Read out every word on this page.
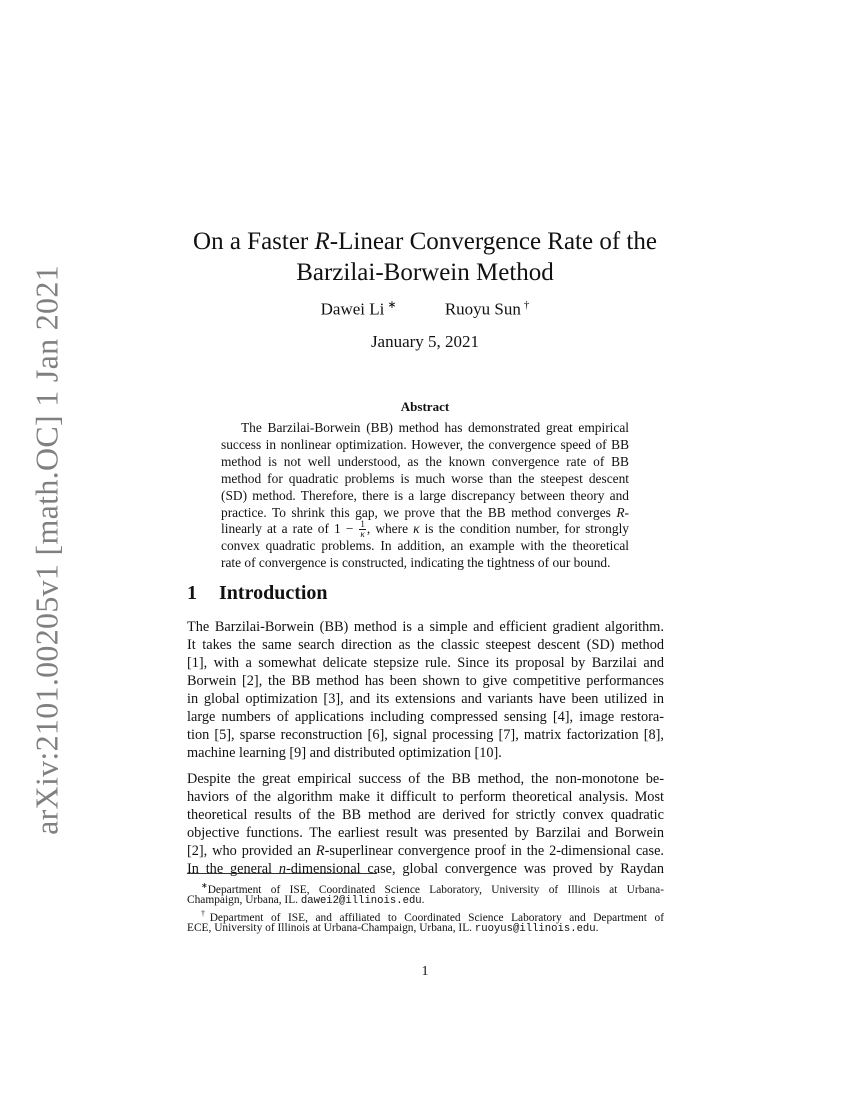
arXiv:2101.00205v1 [math.OC] 1 Jan 2021
On a Faster R-Linear Convergence Rate of the
Barzilai-Borwein Method
Dawei Li ∗	Ruoyu Sun †
January 5, 2021
Abstract
The Barzilai-Borwein (BB) method has demonstrated great empirical
success in nonlinear optimization. However, the convergence speed of BB
method is not well understood, as the known convergence rate of BB
method for quadratic problems is much worse than the steepest descent
(SD) method. Therefore, there is a large discrepancy between theory and
practice. To shrink this gap, we prove that the BB method converges R-
linearly at a rate of $1 - \frac{1}{\kappa}$ , where κ is the condition number, for strongly
convex quadratic problems. In addition, an example with the theoretical
rate of convergence is constructed, indicating the tightness of our bound.
1 Introduction
The Barzilai-Borwein (BB) method is a simple and efficient gradient algorithm.
It takes the same search direction as the classic steepest descent (SD) method
[1], with a somewhat delicate stepsize rule. Since its proposal by Barzilai and
Borwein [2], the BB method has been shown to give competitive performances
in global optimization [3], and its extensions and variants have been utilized in
large numbers of applications including compressed sensing [4], image restora-
tion [5], sparse reconstruction [6], signal processing [7], matrix factorization [8],
machine learning [9] and distributed optimization [10].
Despite the great empirical success of the BB method, the non-monotone be-
haviors of the algorithm make it difficult to perform theoretical analysis. Most
theoretical results of the BB method are derived for strictly convex quadratic
objective functions. The earliest result was presented by Barzilai and Borwein
[2], who provided an R-superlinear convergence proof in the 2-dimensional case.
In the general n-dimensional case, global convergence was proved by Raydan
∗Department of ISE, Coordinated Science Laboratory, University of Illinois at Urbana-
Champaign, Urbana, IL. dawei2@illinois.edu.
†Department of ISE, and affiliated to Coordinated Science Laboratory and Department of
ECE, University of Illinois at Urbana-Champaign, Urbana, IL. ruoyus@illinois.edu.
1
